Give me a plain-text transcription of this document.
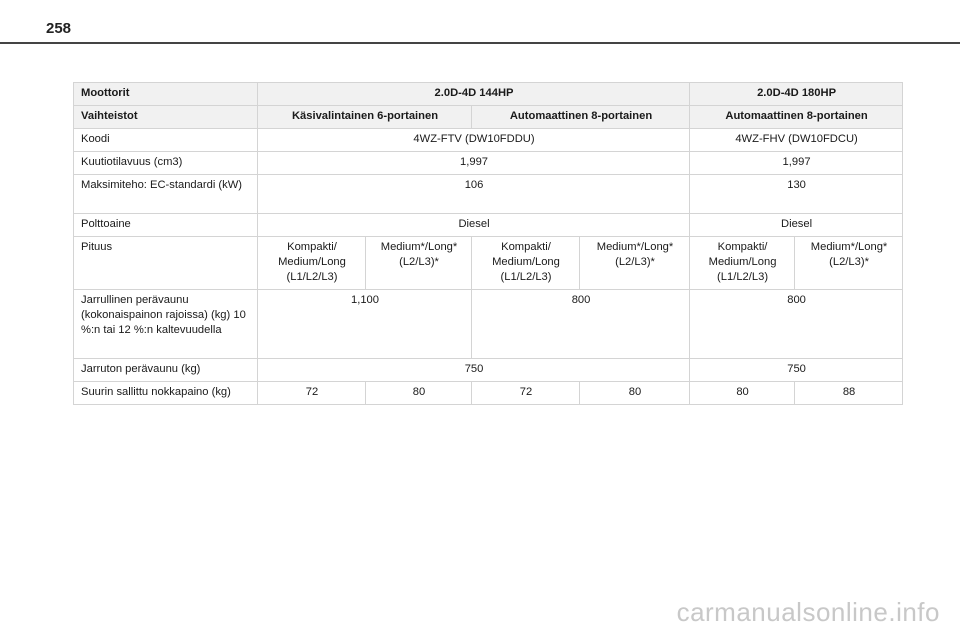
258
Moottorit	2.0D-4D 144HP				2.0D-4D 180HP	
Vaihteistot	Käsivalintainen 6-portainen		Automaattinen 8-portainen		Automaattinen 8-portainen	
Koodi	4WZ-FTV (DW10FDDU)				4WZ-FHV (DW10FDCU)	
Kuutiotilavuus (cm3)	1,997				1,997	
Maksimiteho: EC-standardi (kW)	106				130	
Polttoaine	Diesel				Diesel	
Pituus	Kompakti/ Medium/Long (L1/L2/L3)	Medium*/Long* (L2/L3)*	Kompakti/ Medium/Long (L1/L2/L3)	Medium*/Long* (L2/L3)*	Kompakti/ Medium/Long (L1/L2/L3)	Medium*/Long* (L2/L3)*
Jarrullinen perävaunu (kokonaispainon rajoissa) (kg) 10 %:n tai 12 %:n kaltevuudella	1,100		800		800	
Jarruton perävaunu (kg)	750				750	
Suurin sallittu nokkapaino (kg)	72	80	72	80	80	88
carmanualsonline.info
